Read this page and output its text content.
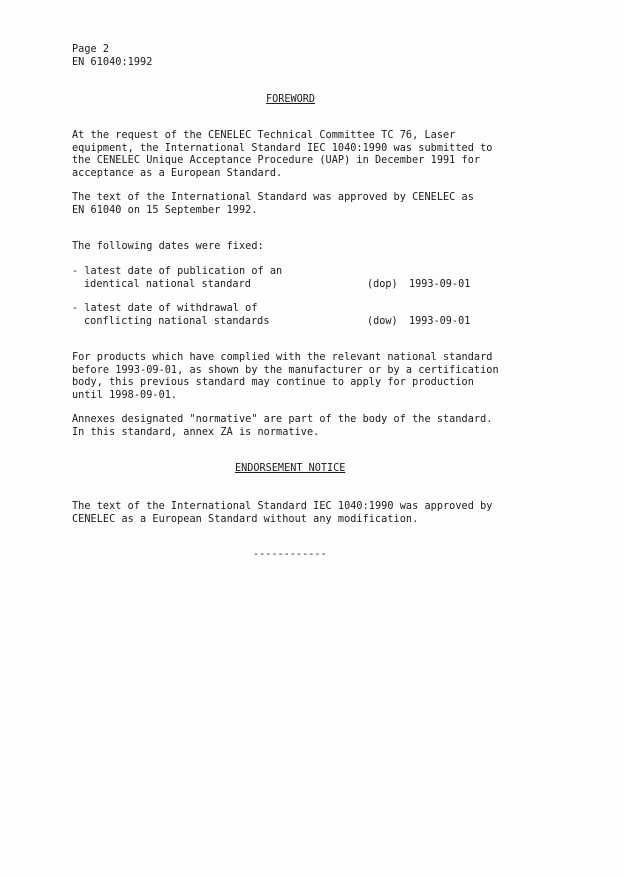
Page 2
EN 61040:1992
FOREWORD
At the request of the CENELEC Technical Committee TC 76, Laser
equipment, the International Standard IEC 1040:1990 was submitted to
the CENELEC Unique Acceptance Procedure (UAP) in December 1991 for
acceptance as a European Standard.
The text of the International Standard was approved by CENELEC as
EN 61040 on 15 September 1992.
The following dates were fixed:
- latest date of publication of an
identical national standard	(dop) 1993-09-01
- latest date of withdrawal of
conflicting national standards	(dow) 1993-09-01
For products which have complied with the relevant national standard
before 1993-09-01, as shown by the manufacturer or by a certification
body, this previous standard may continue to apply for production
until 1998-09-01.
Annexes designated "normative" are part of the body of the standard.
In this standard, annex ZA is normative.
ENDORSEMENT NOTICE
The text of the International Standard IEC 1040:1990 was approved by
CENELEC as a European Standard without any modification.
------------
